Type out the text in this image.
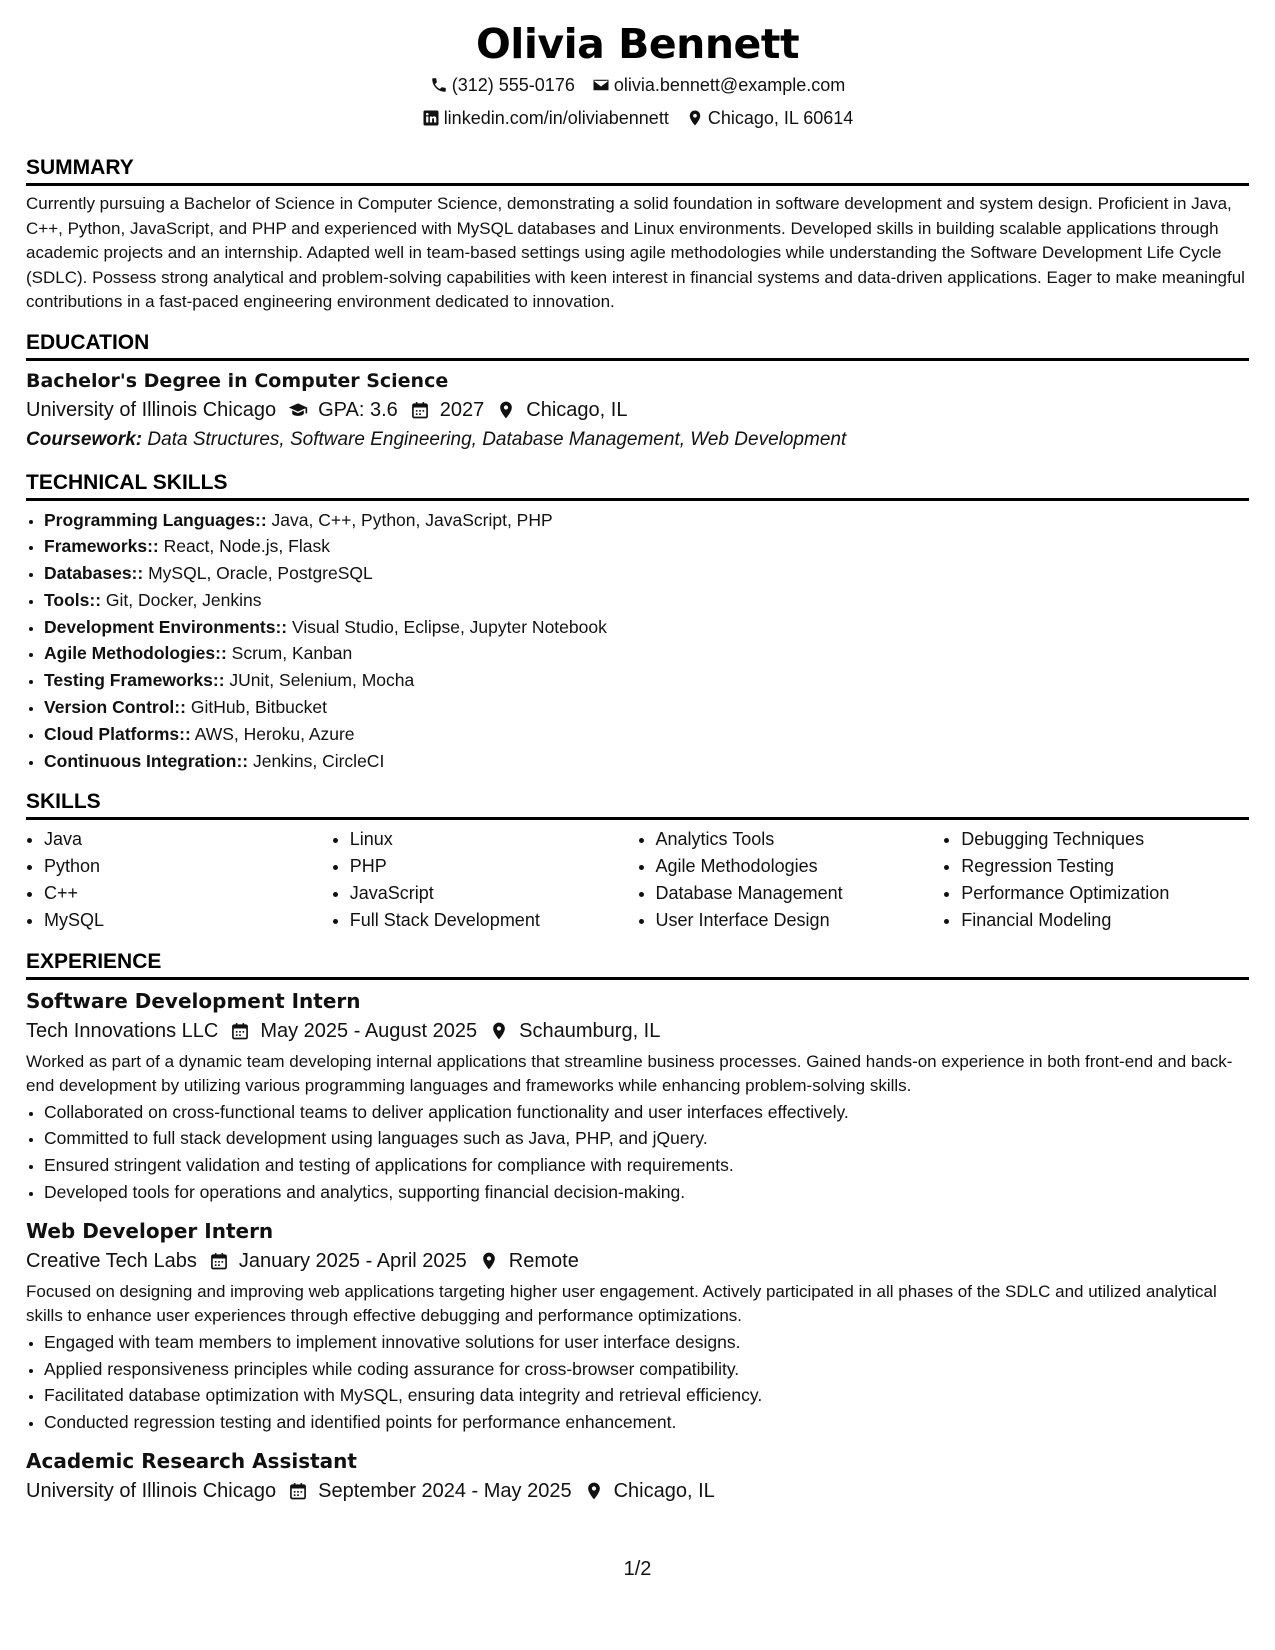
Olivia Bennett
(312) 555-0176
olivia.bennett@example.com
linkedin.com/in/oliviabennett
Chicago, IL 60614
SUMMARY

Currently pursuing a Bachelor of Science in Computer Science, demonstrating a solid foundation in software development and system design. Proficient in Java, C++, Python, JavaScript, and PHP and experienced with MySQL databases and Linux environments. Developed skills in building scalable applications through academic projects and an internship. Adapted well in team-based settings using agile methodologies while understanding the Software Development Life Cycle (SDLC). Possess strong analytical and problem-solving capabilities with keen interest in financial systems and data-driven applications. Eager to make meaningful contributions in a fast-paced engineering environment dedicated to innovation.

EDUCATION
Bachelor's Degree in Computer Science
University of Illinois Chicago GPA: 3.6 2027 Chicago, IL
Coursework: Data Structures, Software Engineering, Database Management, Web Development
TECHNICAL SKILLS
• Programming Languages:: Java, C++, Python, JavaScript, PHP
• Frameworks:: React, Node.js, Flask
• Databases:: MySQL, Oracle, PostgreSQL
• Tools:: Git, Docker, Jenkins
• Development Environments:: Visual Studio, Eclipse, Jupyter Notebook
• Agile Methodologies:: Scrum, Kanban
• Testing Frameworks:: JUnit, Selenium, Mocha
• Version Control:: GitHub, Bitbucket
• Cloud Platforms:: AWS, Heroku, Azure
• Continuous Integration:: Jenkins, CircleCI
SKILLS
• Java
• Python
• C++
• MySQL
• Linux
• PHP
• JavaScript
• Full Stack Development
• Analytics Tools
• Agile Methodologies
• Database Management
• User Interface Design
• Debugging Techniques
• Regression Testing
• Performance Optimization
• Financial Modeling
EXPERIENCE
Software Development Intern
Tech Innovations LLC May 2025 - August 2025 Schaumburg, IL

Worked as part of a dynamic team developing internal applications that streamline business processes. Gained hands-on experience in both front-end and back-end development by utilizing various programming languages and frameworks while enhancing problem-solving skills.

• Collaborated on cross-functional teams to deliver application functionality and user interfaces effectively.
• Committed to full stack development using languages such as Java, PHP, and jQuery.
• Ensured stringent validation and testing of applications for compliance with requirements.
• Developed tools for operations and analytics, supporting financial decision-making.
Web Developer Intern
Creative Tech Labs January 2025 - April 2025 Remote

Focused on designing and improving web applications targeting higher user engagement. Actively participated in all phases of the SDLC and utilized analytical skills to enhance user experiences through effective debugging and performance optimizations.

• Engaged with team members to implement innovative solutions for user interface designs.
• Applied responsiveness principles while coding assurance for cross-browser compatibility.
• Facilitated database optimization with MySQL, ensuring data integrity and retrieval efficiency.
• Conducted regression testing and identified points for performance enhancement.
Academic Research Assistant
University of Illinois Chicago September 2024 - May 2025 Chicago, IL
1/2
